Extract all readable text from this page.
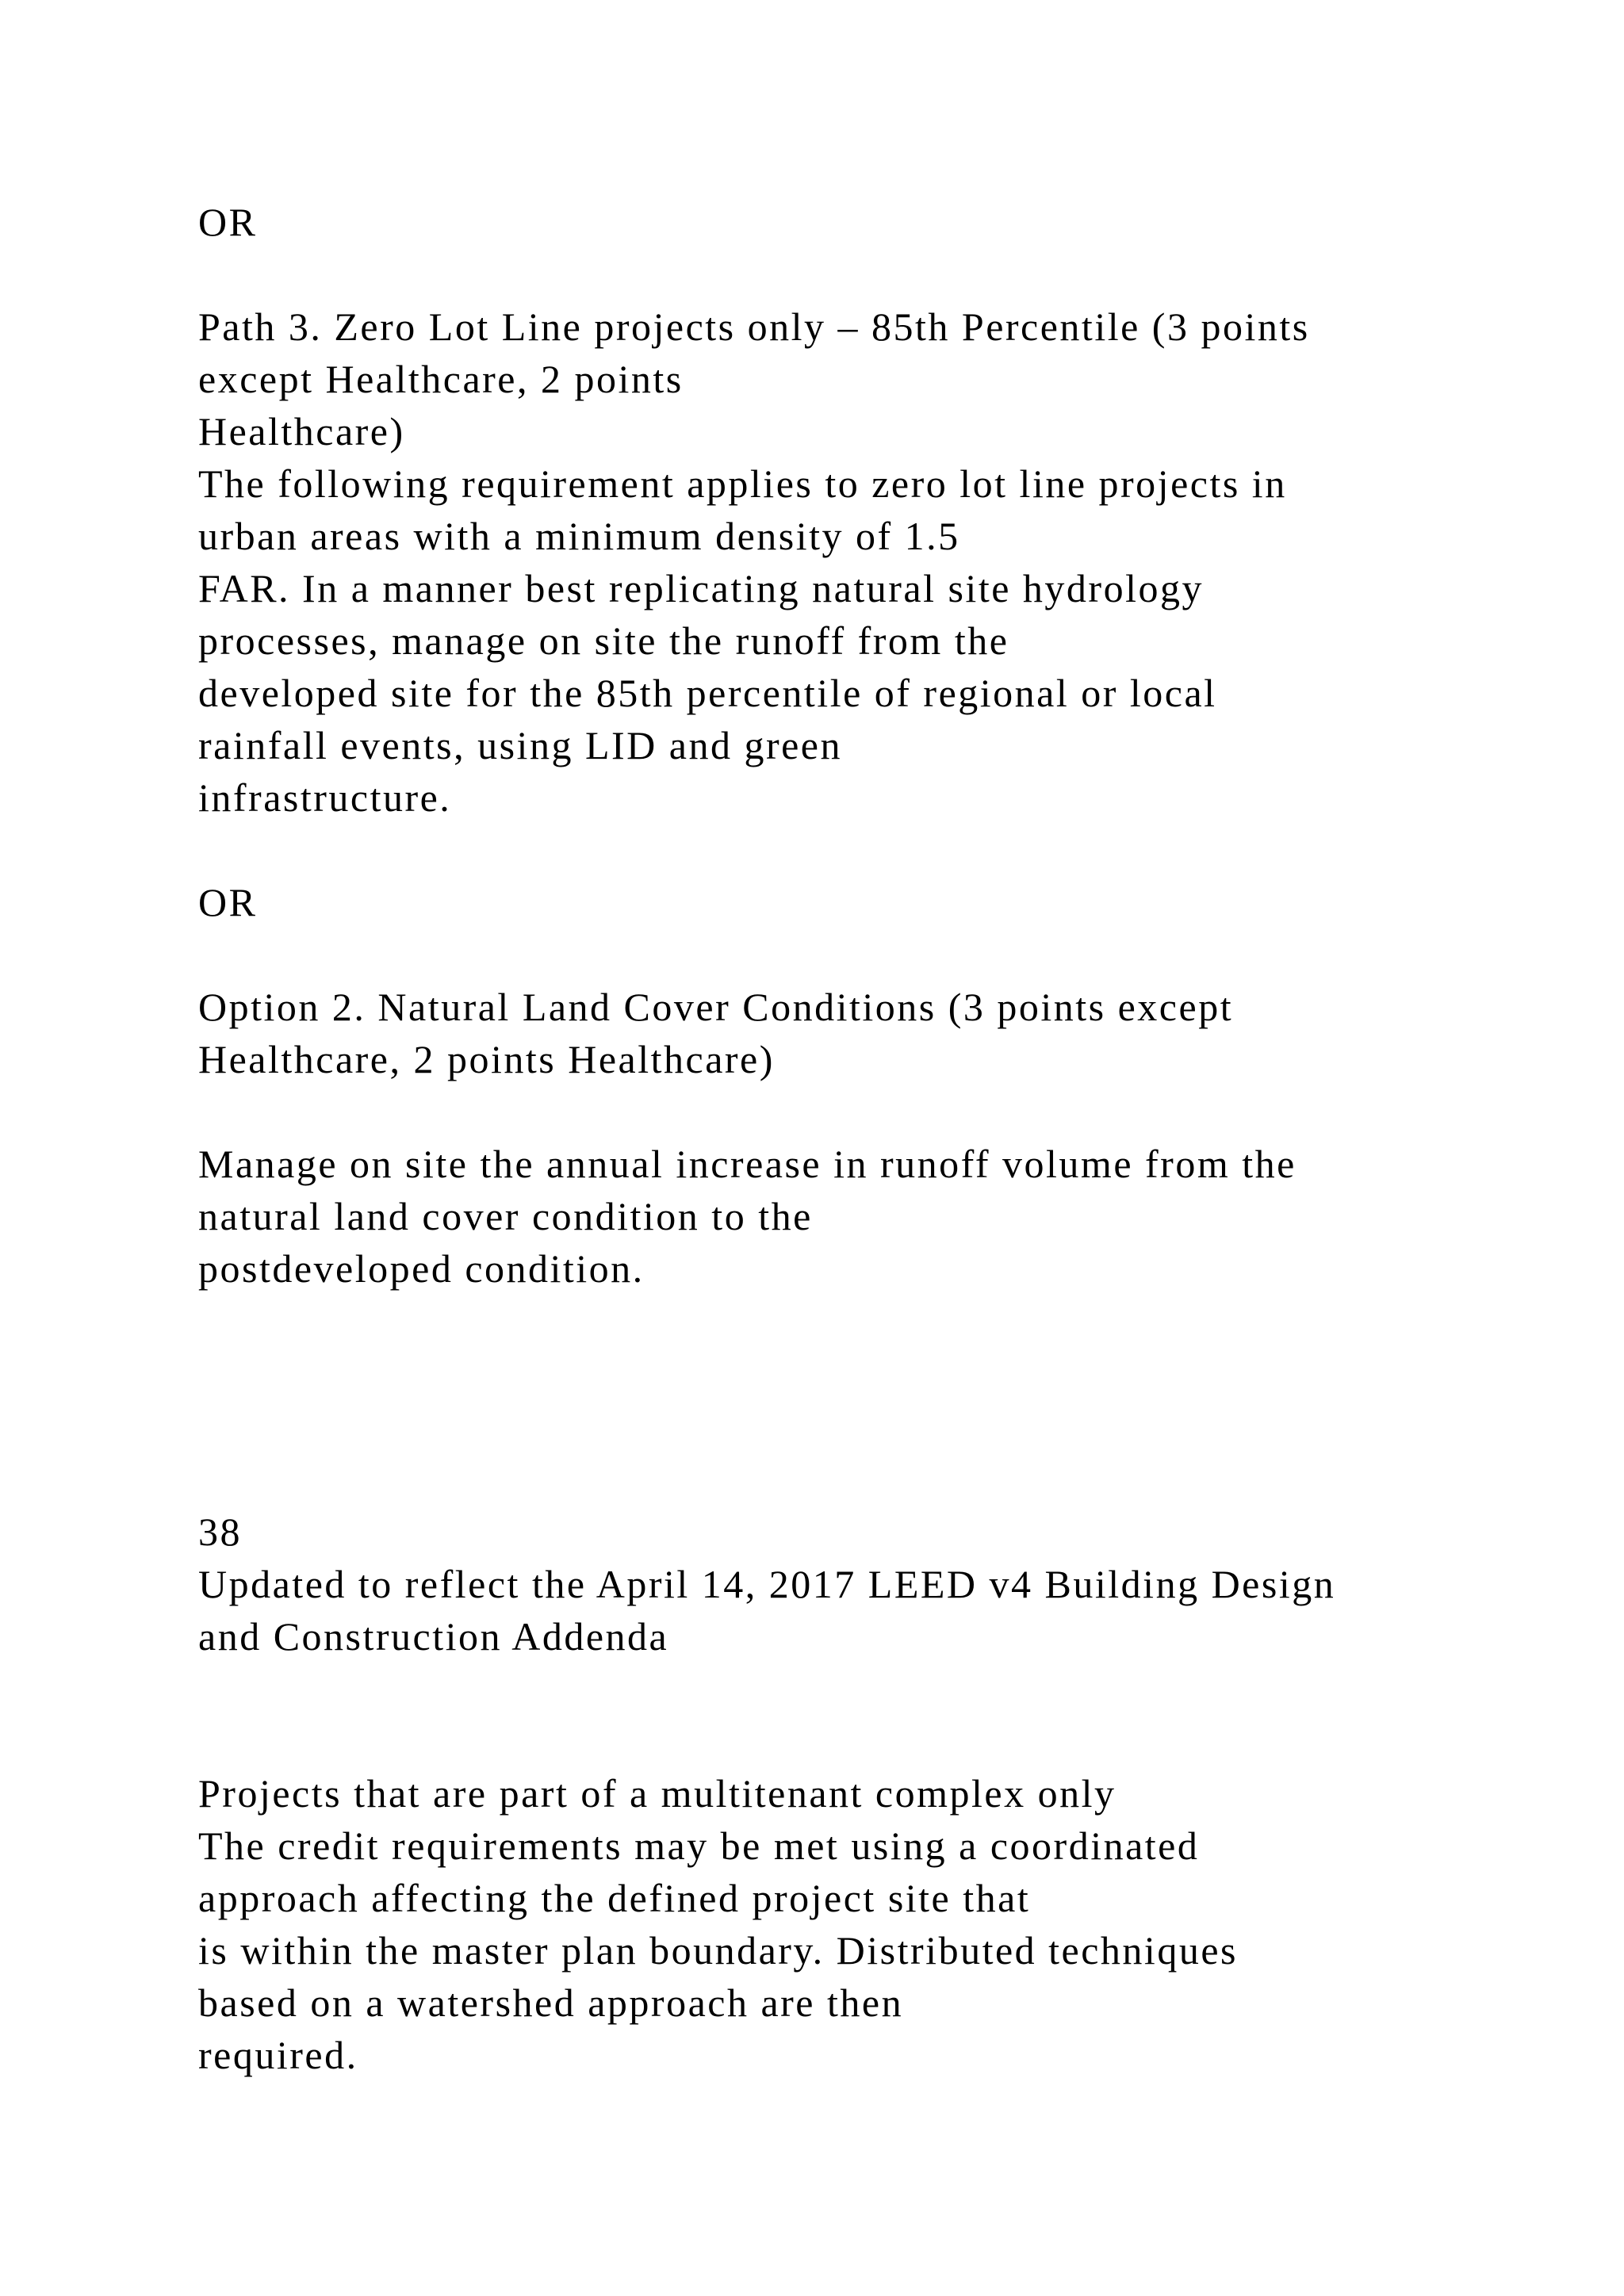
OR

Path 3. Zero Lot Line projects only – 85th Percentile (3 points

except Healthcare, 2 points

Healthcare)

The following requirement applies to zero lot line projects in

urban areas with a minimum density of 1.5

FAR. In a manner best replicating natural site hydrology

processes, manage on site the runoff from the

developed site for the 85th percentile of regional or local

rainfall events, using LID and green

infrastructure.

OR

Option 2. Natural Land Cover Conditions (3 points except

Healthcare, 2 points Healthcare)

Manage on site the annual increase in runoff volume from the

natural land cover condition to the

postdeveloped condition.

38

Updated to reflect the April 14, 2017 LEED v4 Building Design

and Construction Addenda

Projects that are part of a multitenant complex only

The credit requirements may be met using a coordinated

approach affecting the defined project site that

is within the master plan boundary. Distributed techniques

based on a watershed approach are then

required.
